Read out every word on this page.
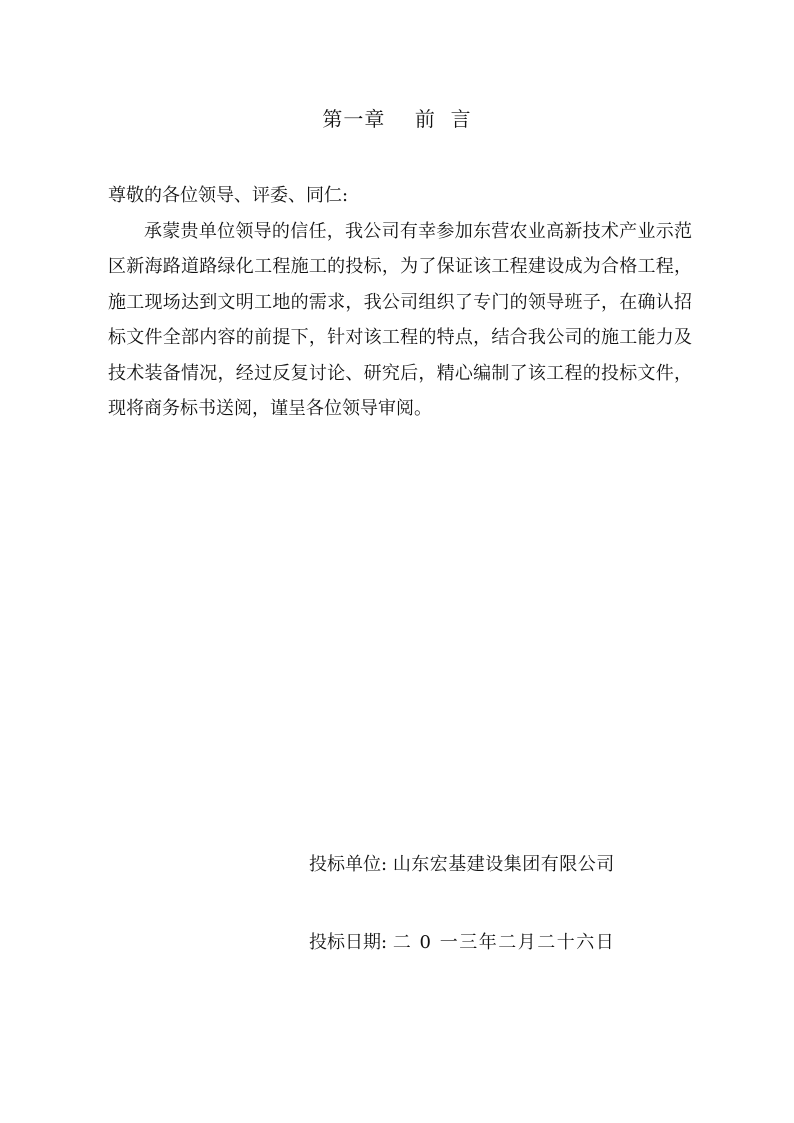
第一章    前  言

尊敬的各位领导、评委、同仁:

承蒙贵单位领导的信任，我公司有幸参加东营农业高新技术产业示范区新海路道路绿化工程施工的投标，为了保证该工程建设成为合格工程，施工现场达到文明工地的需求，我公司组织了专门的领导班子，在确认招标文件全部内容的前提下，针对该工程的特点，结合我公司的施工能力及技术装备情况，经过反复讨论、研究后，精心编制了该工程的投标文件，现将商务标书送阅，谨呈各位领导审阅。

投标单位: 山东宏基建设集团有限公司
投标日期: 二 0 一三年二月二十六日
